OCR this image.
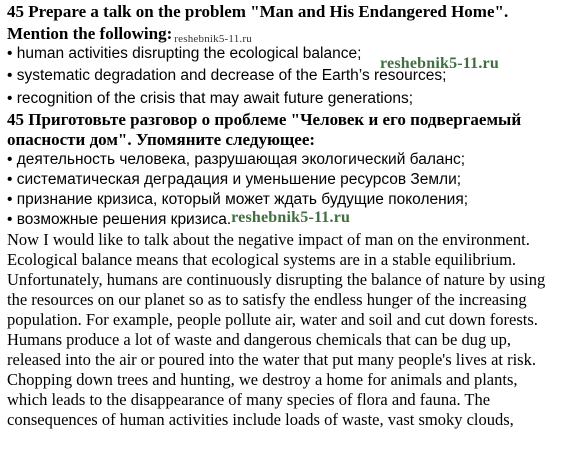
45 Prepare a talk on the problem "Man and His Endangered Home".
Mention the following: reshebnik5-11.ru
• human activities disrupting the ecological balance;
• systematic degradation and decrease of the Earth’s resources;
reshebnik5-11.ru
• recognition of the crisis that may await future generations;
45 Приготовьте разговор о проблеме "Человек и его подвергаемый
опасности дом". Упомяните следующее:
• деятельность человека, разрушающая экологический баланс;
• систематическая деградация и уменьшение ресурсов Земли;
• признание кризиса, который может ждать будущие поколения;
• возможные решения кризиса.reshebnik5-11.ru
Now I would like to talk about the negative impact of man on the environment.
Ecological balance means that ecological systems are in a stable equilibrium.
Unfortunately, humans are continuously disrupting the balance of nature by using
the resources on our planet so as to satisfy the endless hunger of the increasing
population. For example, people pollute air, water and soil and cut down forests.
Humans produce a lot of waste and dangerous chemicals that can be dug up,
released into the air or poured into the water that put many people's lives at risk.
Chopping down trees and hunting, we destroy a home for animals and plants,
which leads to the disappearance of many species of flora and fauna. The
consequences of human activities include loads of waste, vast smoky clouds,
